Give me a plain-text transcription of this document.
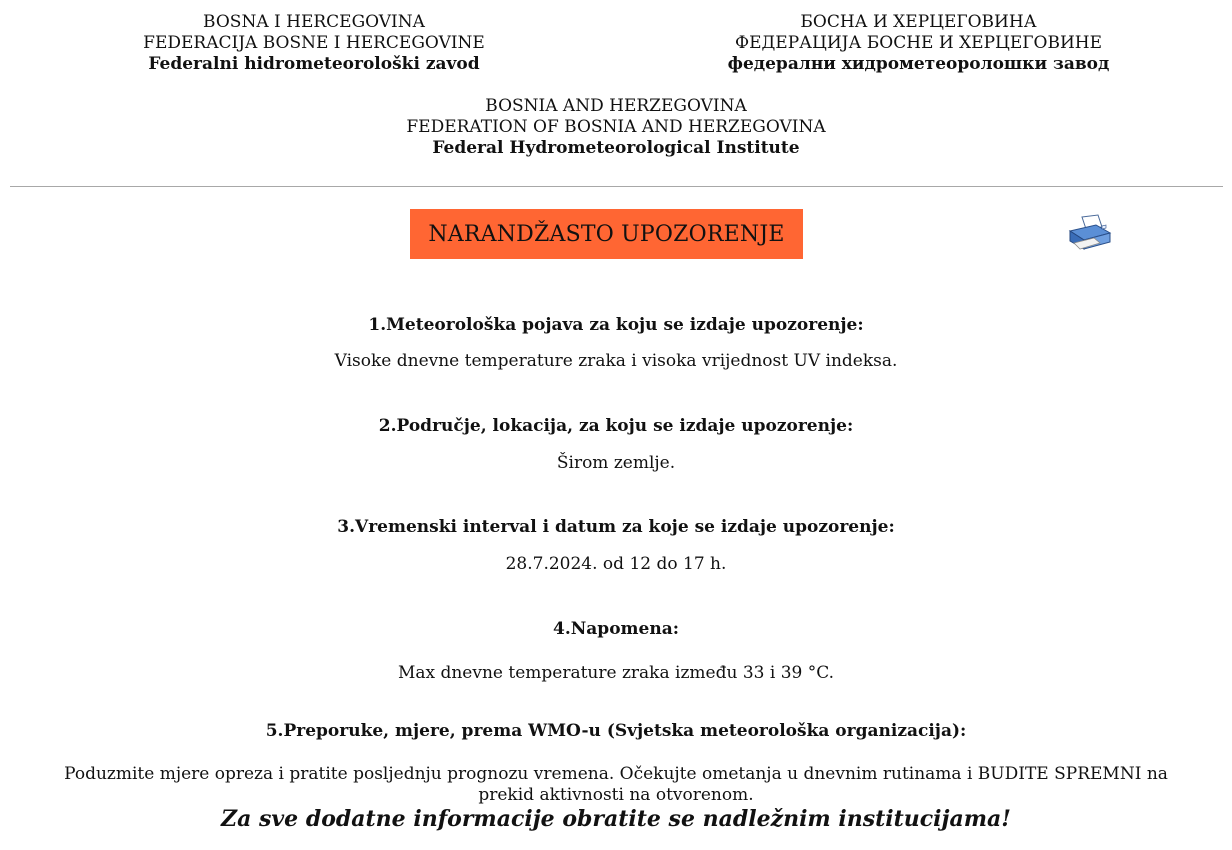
BOSNA I HERCEGOVINA
FEDERACIJA BOSNE I HERCEGOVINE
Federalni hidrometeorološki zavod
БОСНА И ХЕРЦЕГОВИНА
ФЕДЕРАЦИЈА БОСНЕ И ХЕРЦЕГОВИНЕ
федерални хидрометеоролошки завод
BOSNIA AND HERZEGOVINA
FEDERATION OF BOSNIA AND HERZEGOVINA
Federal Hydrometeorological Institute
NARANDŽASTO UPOZORENJE
1.Meteorološka pojava za koju se izdaje upozorenje:
Visoke dnevne temperature zraka i visoka vrijednost UV indeksa.
2.Područje, lokacija, za koju se izdaje upozorenje:
Širom zemlje.
3.Vremenski interval i datum za koje se izdaje upozorenje:
28.7.2024. od 12 do 17 h.
4.Napomena:
Max dnevne temperature zraka između 33 i 39 °C.
5.Preporuke, mjere, prema WMO-u (Svjetska meteorološka organizacija):
Poduzmite mjere opreza i pratite posljednju prognozu vremena. Očekujte ometanja u dnevnim rutinama i BUDITE SPREMNI na prekid aktivnosti na otvorenom.
Za sve dodatne informacije obratite se nadležnim institucijama!
